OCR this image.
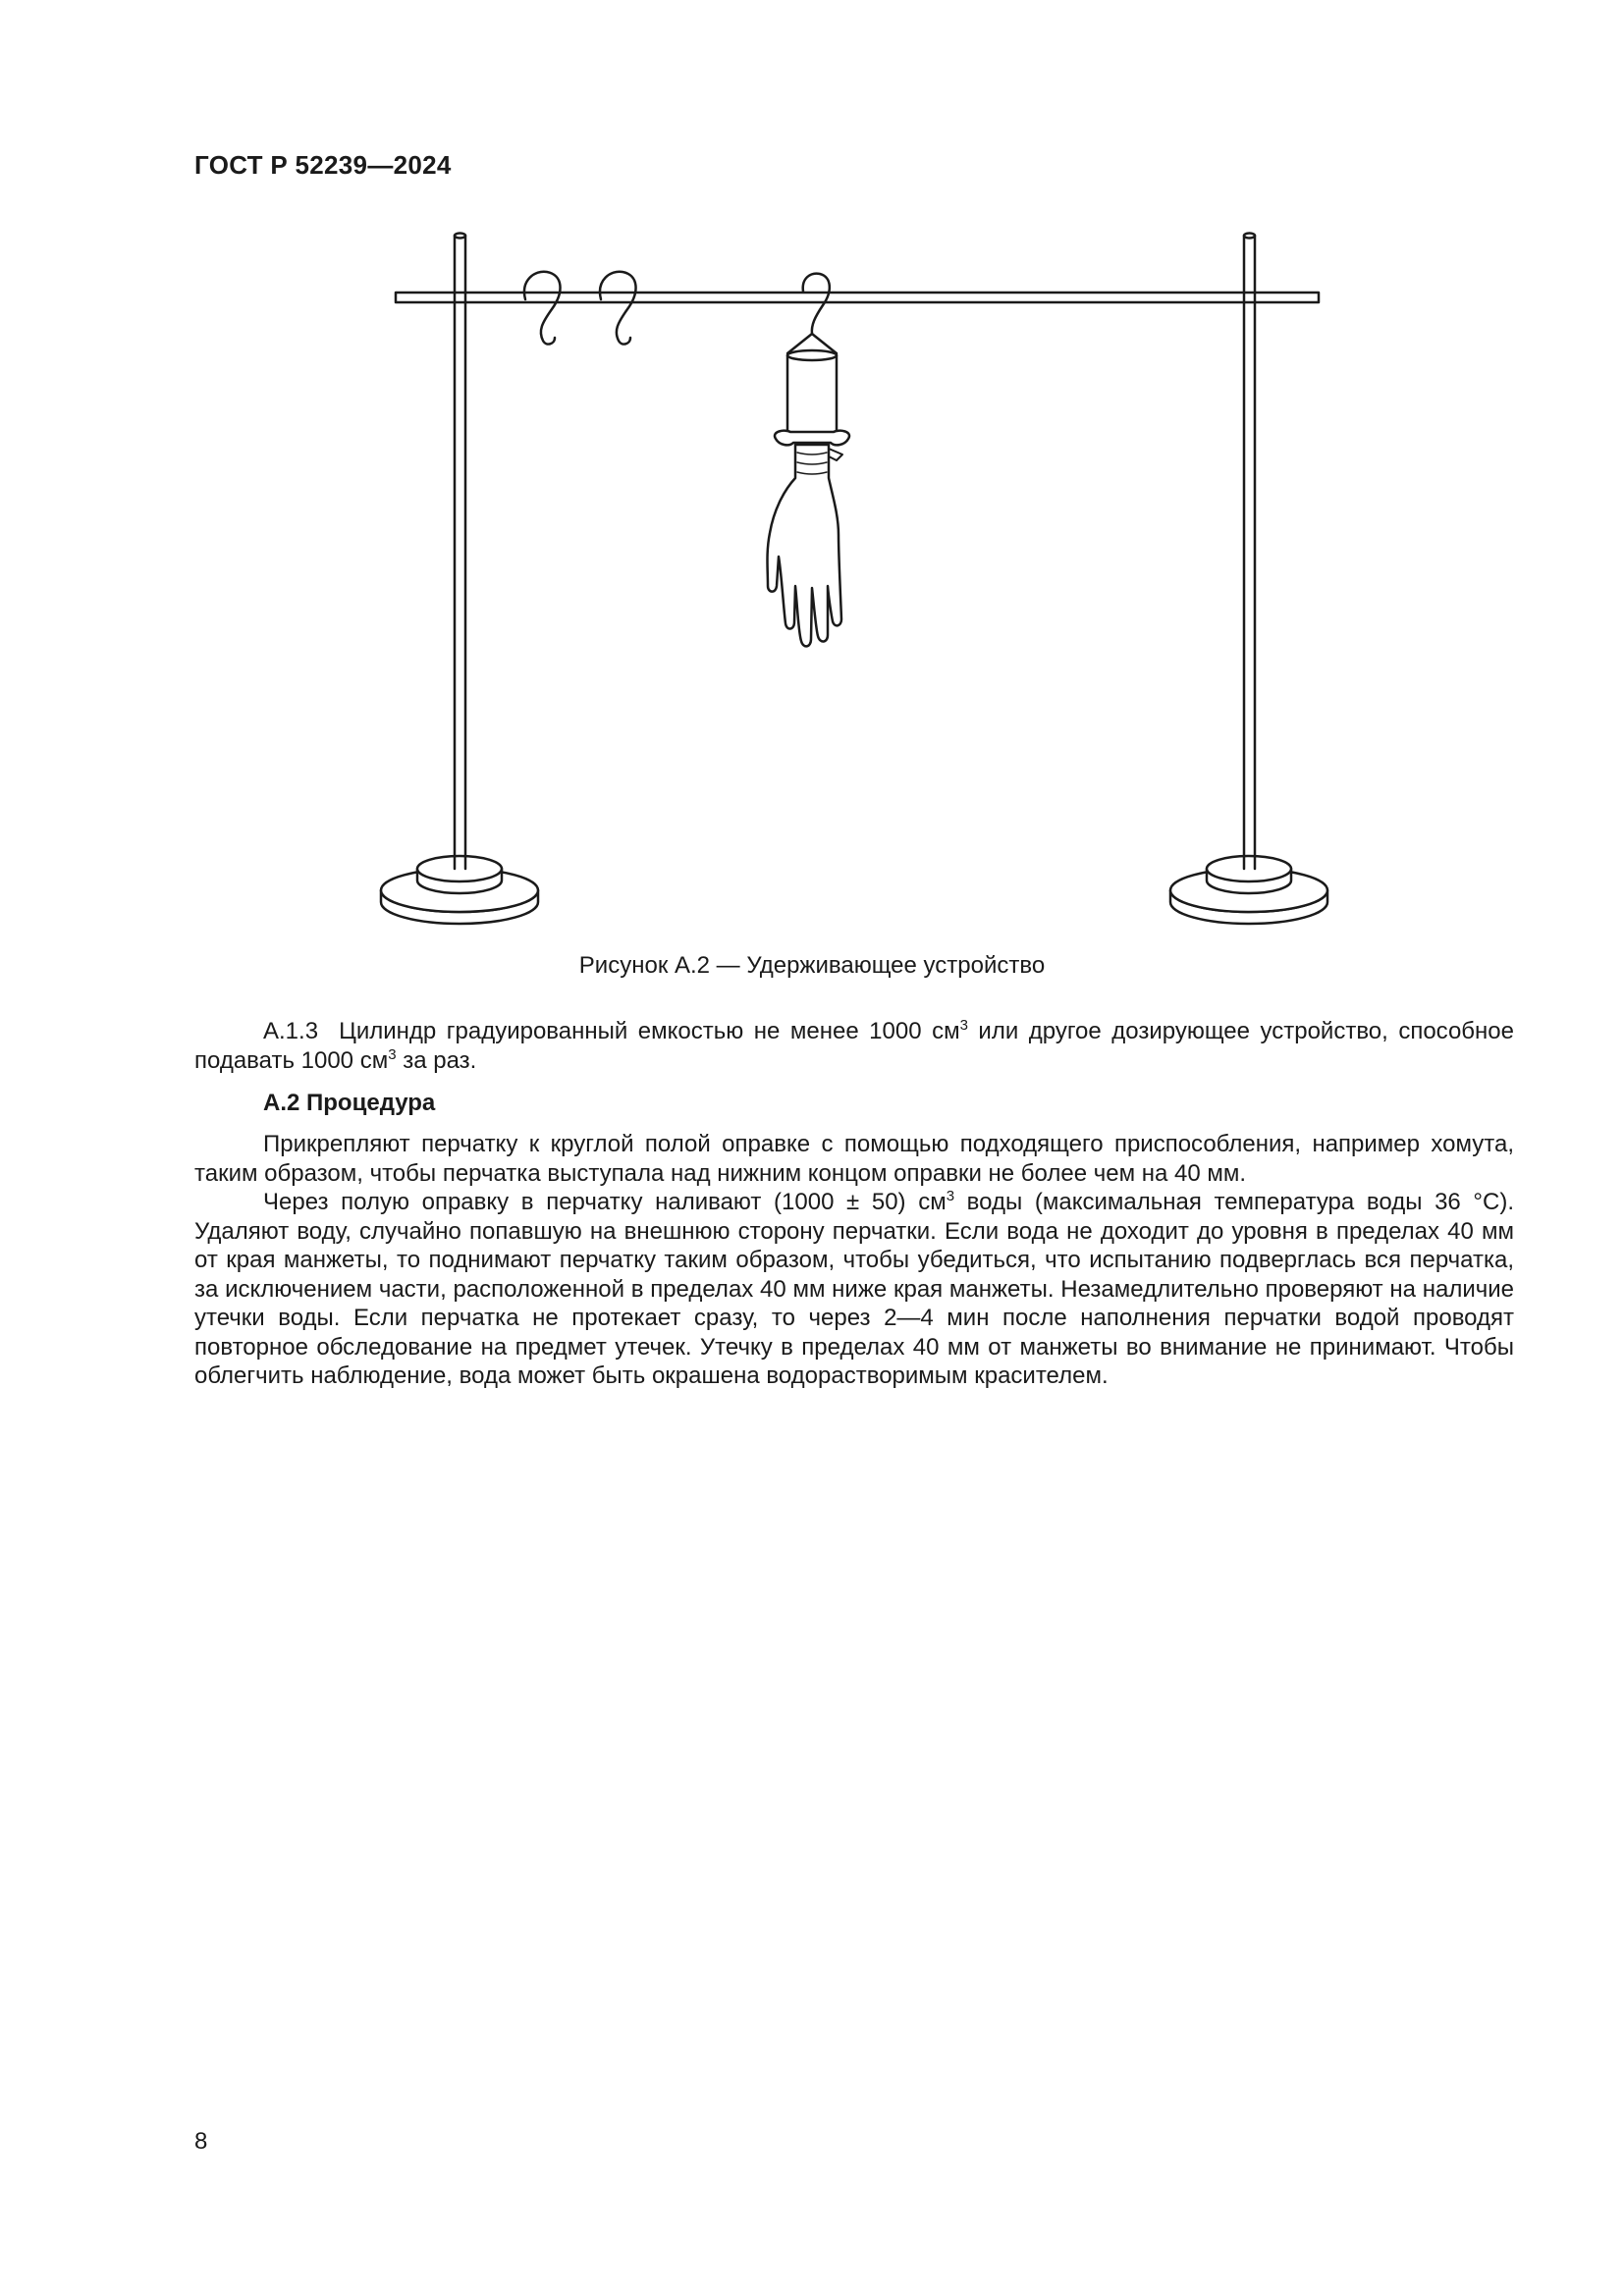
ГОСТ Р 52239—2024
Рисунок А.2 — Удерживающее устройство

А.1.3 Цилиндр градуированный емкостью не менее 1000 $см^3$ или другое дозирующее устройство, способное подавать 1000 $см^3$ за раз.

А.2 Процедура

Прикрепляют перчатку к круглой полой оправке с помощью подходящего приспособления, например хомута, таким образом, чтобы перчатка выступала над нижним концом оправки не более чем на 40 мм.

Через полую оправку в перчатку наливают (1000 ± 50) $см^3$ воды (максимальная температура воды 36 °С). Удаляют воду, случайно попавшую на внешнюю сторону перчатки. Если вода не доходит до уровня в пределах 40 мм от края манжеты, то поднимают перчатку таким образом, чтобы убедиться, что испытанию подверглась вся перчатка, за исключением части, расположенной в пределах 40 мм ниже края манжеты. Незамедлительно проверяют на наличие утечки воды. Если перчатка не протекает сразу, то через 2—4 мин после наполнения перчатки водой проводят повторное обследование на предмет утечек. Утечку в пределах 40 мм от манжеты во внимание не принимают. Чтобы облегчить наблюдение, вода может быть окрашена водорастворимым красителем.

8
